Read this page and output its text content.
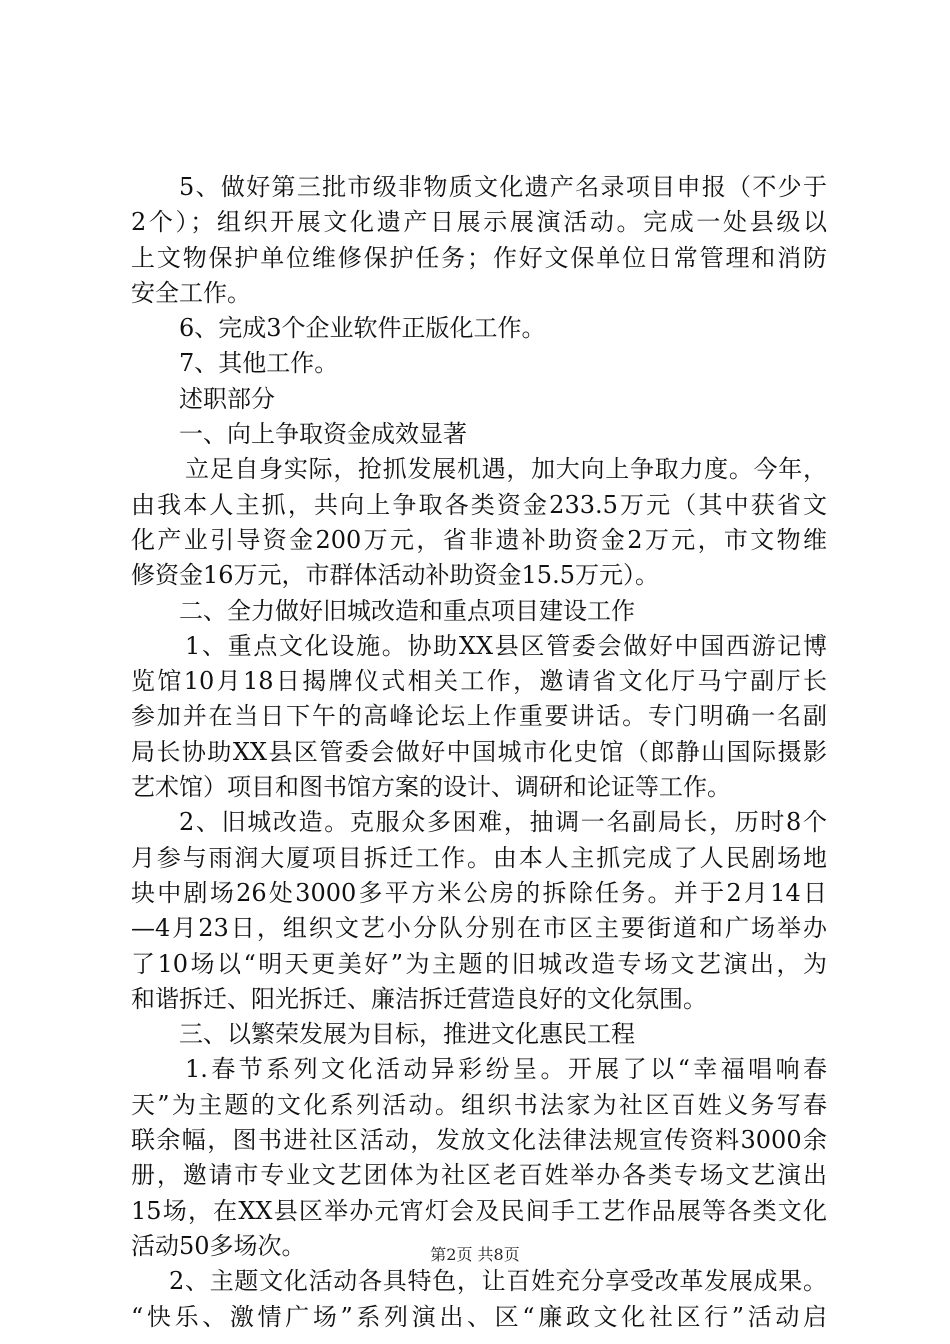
5、做好第三批市级非物质文化遗产名录项目申报（不少于
2个）；组织开展文化遗产日展示展演活动。完成一处县级以
上文物保护单位维修保护任务；作好文保单位日常管理和消防
安全工作。
6、完成3个企业软件正版化工作。
7、其他工作。
述职部分
一、向上争取资金成效显著
立足自身实际，抢抓发展机遇，加大向上争取力度。今年，
由我本人主抓，共向上争取各类资金233.5万元（其中获省文
化产业引导资金200万元，省非遗补助资金2万元，市文物维
修资金16万元，市群体活动补助资金15.5万元）。
二、全力做好旧城改造和重点项目建设工作
1、重点文化设施。协助XX县区管委会做好中国西游记博
览馆10月18日揭牌仪式相关工作，邀请省文化厅马宁副厅长
参加并在当日下午的高峰论坛上作重要讲话。专门明确一名副
局长协助XX县区管委会做好中国城市化史馆（郎静山国际摄影
艺术馆）项目和图书馆方案的设计、调研和论证等工作。
2、旧城改造。克服众多困难，抽调一名副局长，历时8个
月参与雨润大厦项目拆迁工作。由本人主抓完成了人民剧场地
块中剧场26处3000多平方米公房的拆除任务。并于2月14日
—4月23日，组织文艺小分队分别在市区主要街道和广场举办
了10场以“明天更美好”为主题的旧城改造专场文艺演出，为
和谐拆迁、阳光拆迁、廉洁拆迁营造良好的文化氛围。
三、以繁荣发展为目标，推进文化惠民工程
1.春节系列文化活动异彩纷呈。开展了以“幸福唱响春
天”为主题的文化系列活动。组织书法家为社区百姓义务写春
联余幅，图书进社区活动，发放文化法律法规宣传资料3000余
册，邀请市专业文艺团体为社区老百姓举办各类专场文艺演出
15场，在XX县区举办元宵灯会及民间手工艺作品展等各类文化
活动50多场次。
2、主题文化活动各具特色，让百姓充分享受改革发展成果。
“快乐、激情广场”系列演出、区“廉政文化社区行”活动启
第2页 共8页
